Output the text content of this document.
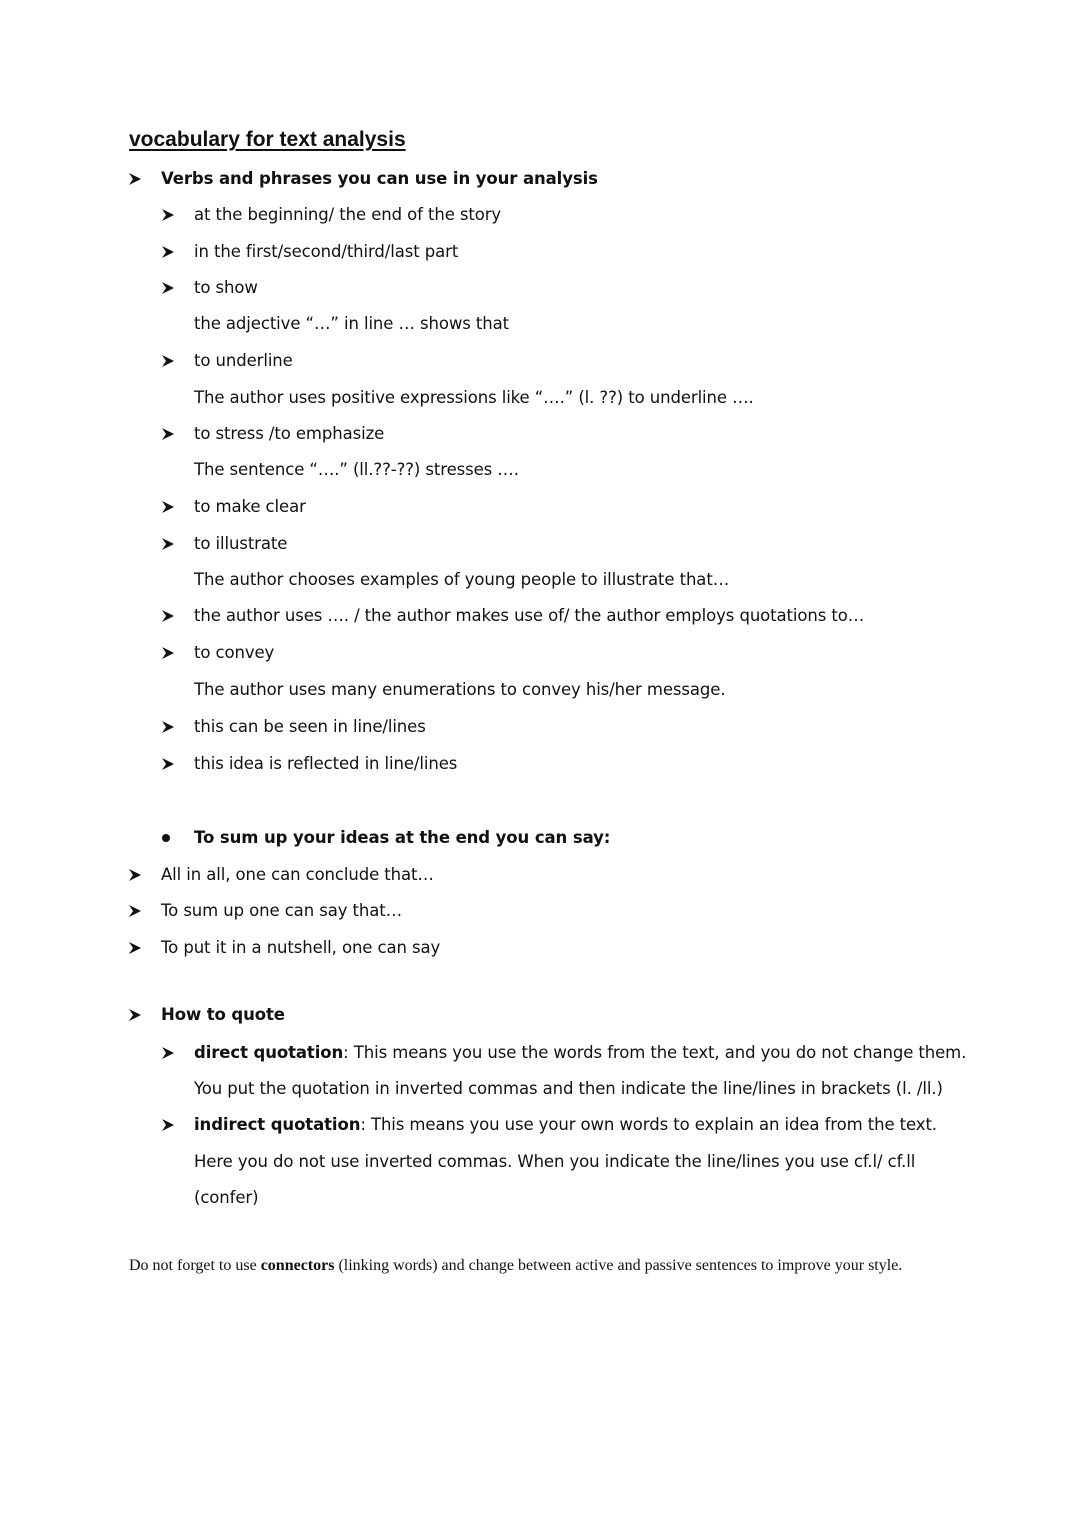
vocabulary for text analysis
Verbs and phrases you can use in your analysis
at the beginning/ the end of the story
in the first/second/third/last part
to show
the adjective “…” in line … shows that
to underline
The author uses positive expressions like “….” (l. ??) to underline ….
to stress /to emphasize
The sentence “….” (ll.??-??) stresses ….
to make clear
to illustrate
The author chooses examples of young people to illustrate that…
the author uses …. / the author makes use of/ the author employs quotations to…
to convey
The author uses many enumerations to convey his/her message.
this can be seen in line/lines
this idea is reflected in line/lines
To sum up your ideas at the end you can say:
All in all, one can conclude that…
To sum up one can say that…
To put it in a nutshell, one can say
How to quote
direct quotation: This means you use the words from the text, and you do not change them.
You put the quotation in inverted commas and then indicate the line/lines in brackets (l. /ll.)
indirect quotation: This means you use your own words to explain an idea from the text.
Here you do not use inverted commas. When you indicate the line/lines you use cf.l/ cf.ll
(confer)

Do not forget to use connectors (linking words) and change between active and passive sentences to improve your style.
